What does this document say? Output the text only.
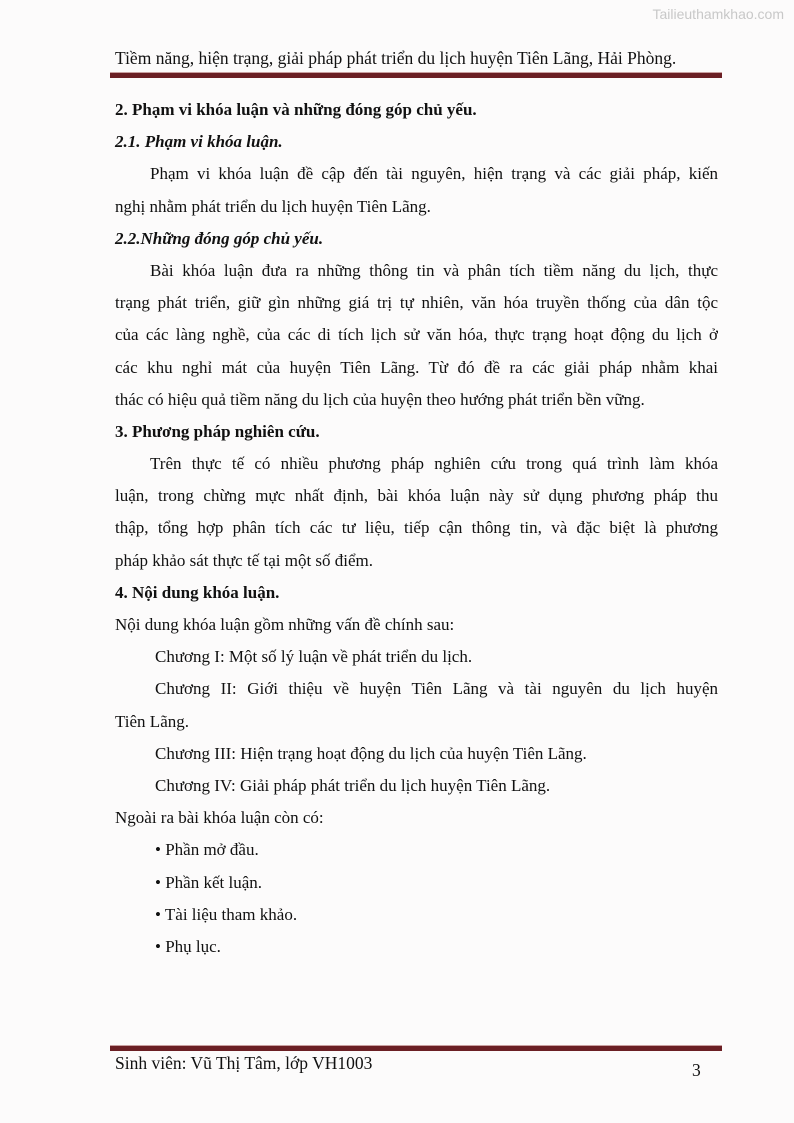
Tailieuthamkhao.com
Tiềm năng, hiện trạng, giải pháp phát triển du lịch huyện Tiên Lãng, Hải Phòng.
2. Phạm vi khóa luận và những đóng góp chủ yếu.
2.1. Phạm vi khóa luận.
Phạm vi khóa luận đề cập đến tài nguyên, hiện trạng và các giải pháp, kiến
nghị nhằm phát triển du lịch huyện Tiên Lãng.
2.2.Những đóng góp chủ yếu.
Bài khóa luận đưa ra những thông tin và phân tích tiềm năng du lịch, thực
trạng phát triển, giữ gìn những giá trị tự nhiên, văn hóa truyền thống của dân tộc
của các làng nghề, của các di tích lịch sử văn hóa, thực trạng hoạt động du lịch ở
các khu nghỉ mát của huyện Tiên Lãng. Từ đó đề ra các giải pháp nhằm khai
thác có hiệu quả tiềm năng du lịch của huyện theo hướng phát triển bền vững.
3. Phương pháp nghiên cứu.
Trên thực tế có nhiều phương pháp nghiên cứu trong quá trình làm khóa
luận, trong chừng mực nhất định, bài khóa luận này sử dụng phương pháp thu
thập, tổng hợp phân tích các tư liệu, tiếp cận thông tin, và đặc biệt là phương
pháp khảo sát thực tế tại một số điểm.
4. Nội dung khóa luận.
Nội dung khóa luận gồm những vấn đề chính sau:
Chương I: Một số lý luận về phát triển du lịch.
Chương II: Giới thiệu về huyện Tiên Lãng và tài nguyên du lịch huyện
Tiên Lãng.
Chương III: Hiện trạng hoạt động du lịch của huyện Tiên Lãng.
Chương IV: Giải pháp phát triển du lịch huyện Tiên Lãng.
Ngoài ra bài khóa luận còn có:
• Phần mở đầu.
• Phần kết luận.
• Tài liệu tham khảo.
• Phụ lục.
Sinh viên: Vũ Thị Tâm, lớp VH1003	3
